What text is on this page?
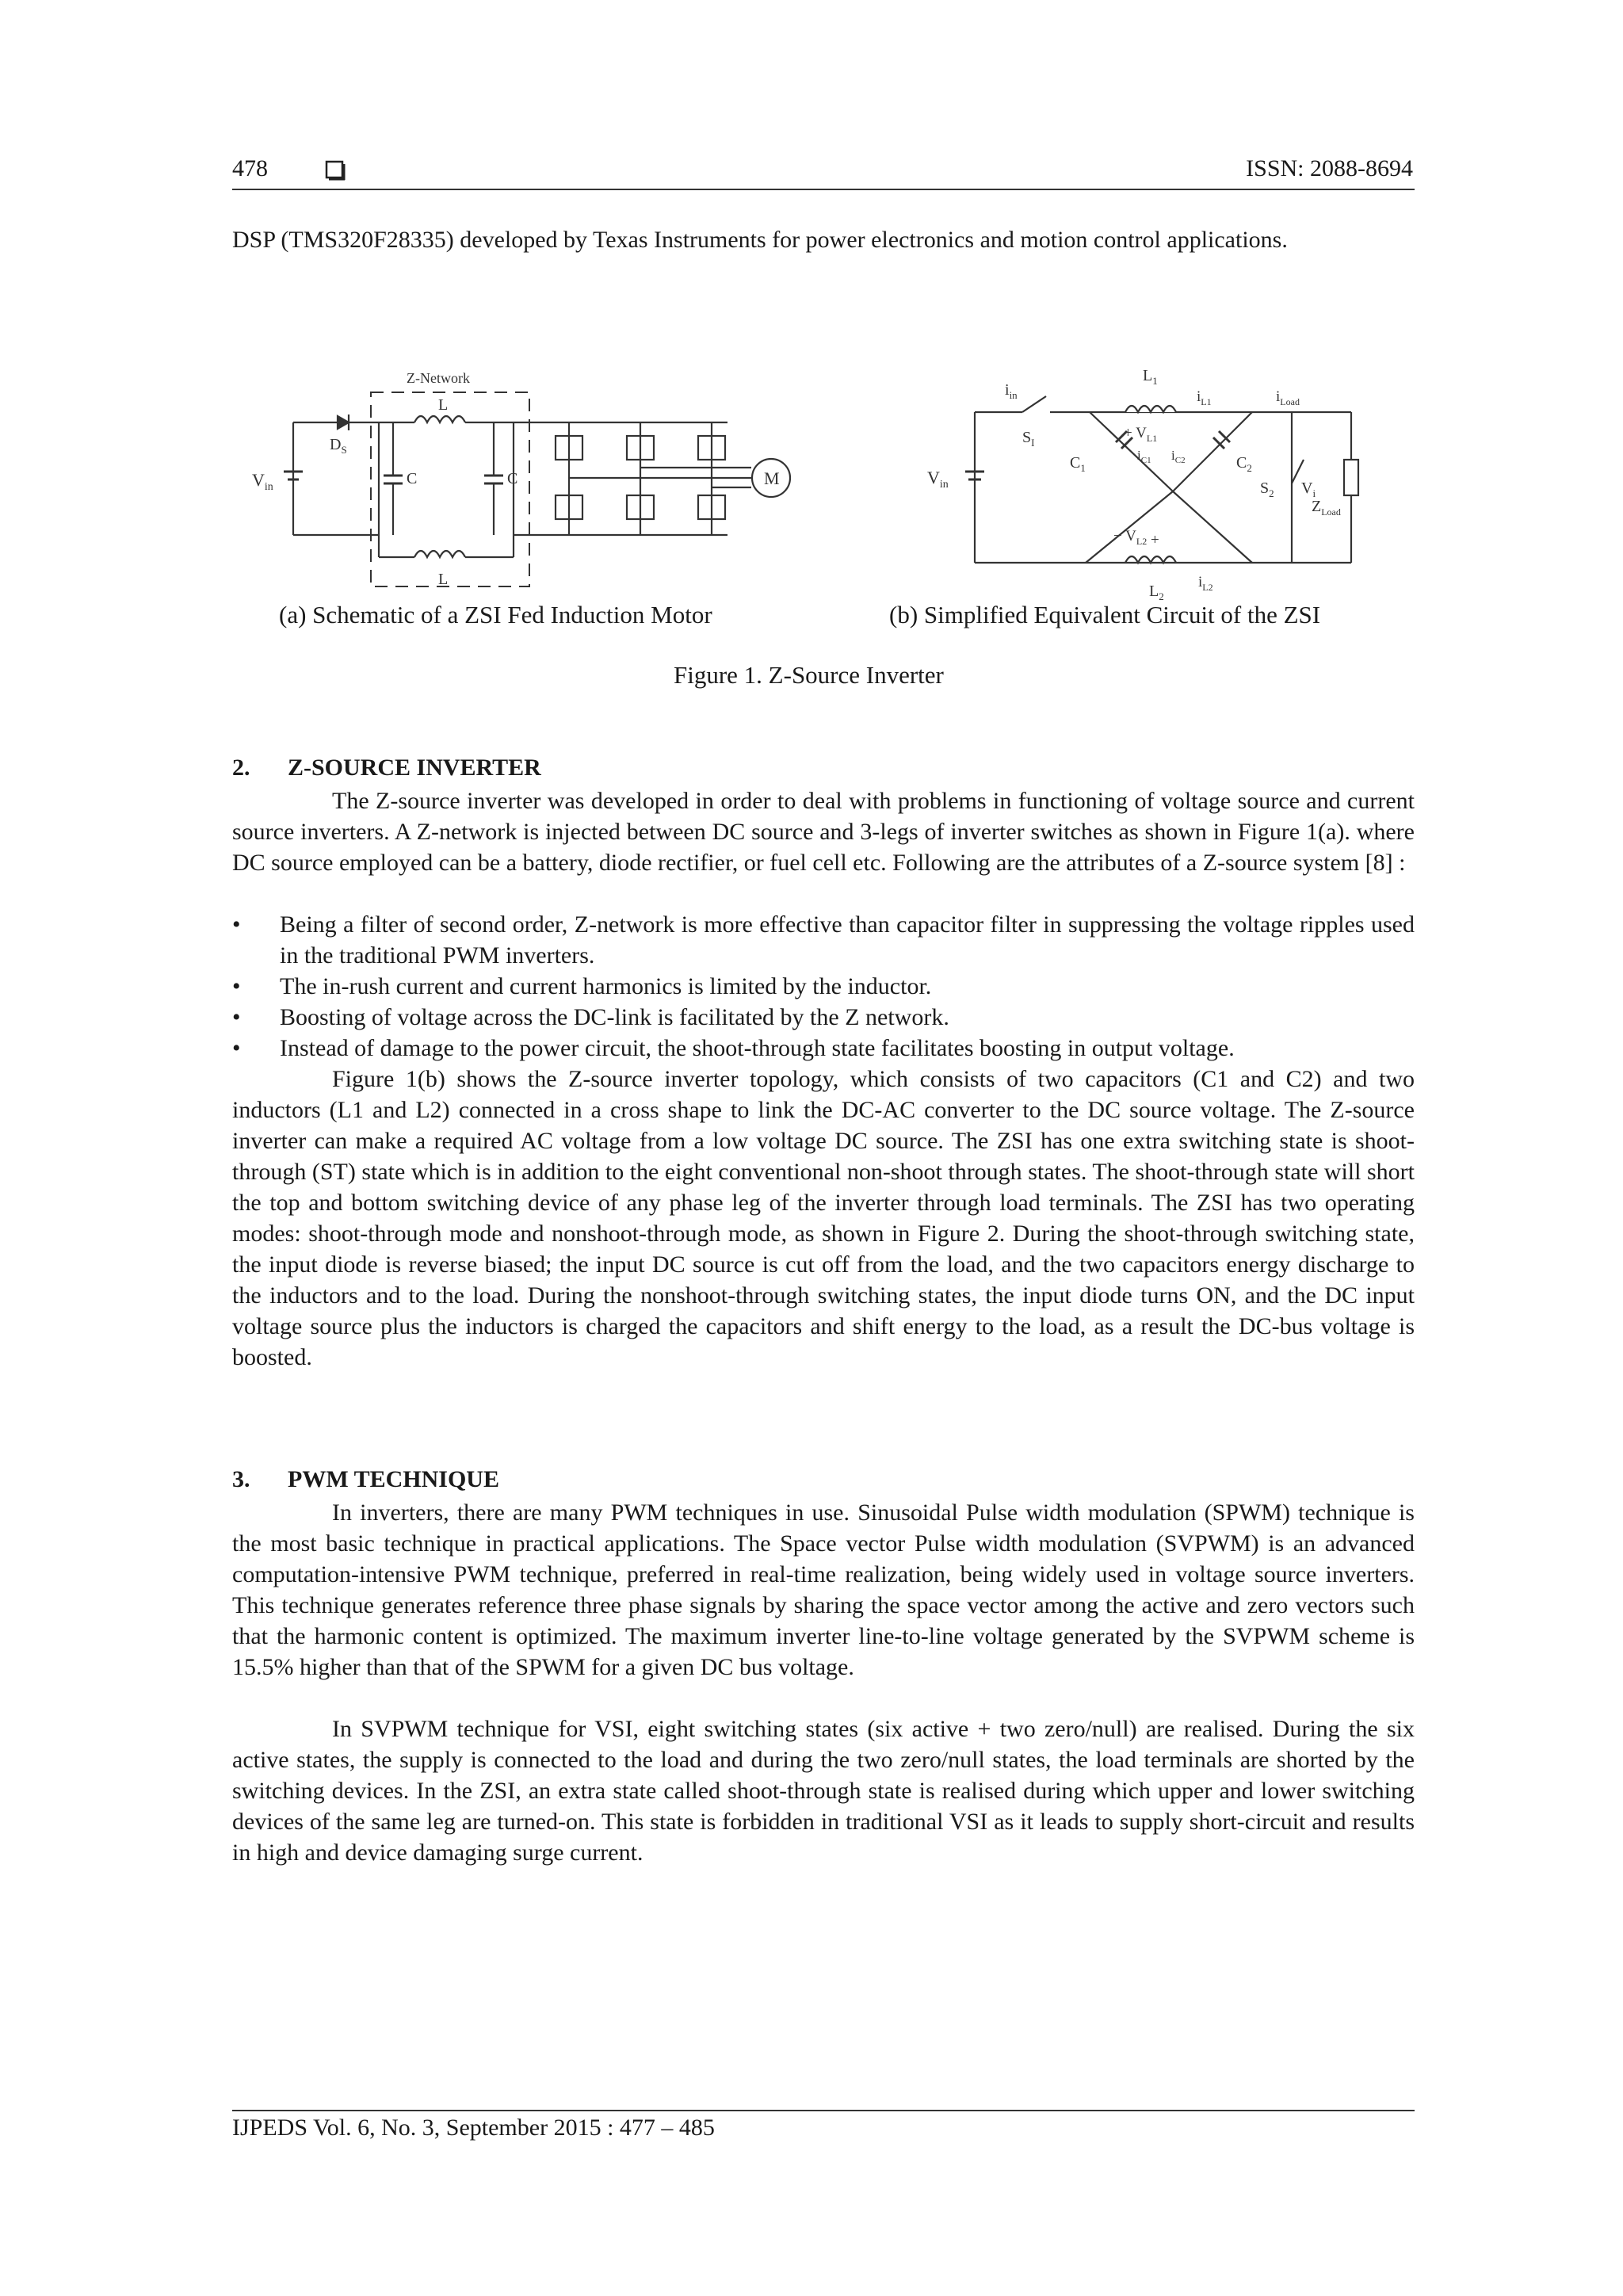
478	ISSN: 2088-8694
DSP (TMS320F28335) developed by Texas Instruments for power electronics and motion control applications.
Z-Network
$V_{in}$
$D_S$
L
L
C	C	M
(a) Schematic of a ZSI Fed Induction Motor
$V_{in}$
$i_{in}$
$S_I$
$L_1$
+ $V_{L1}$
$i_{L1}$
− $V_{L2}$ +
$i_{L2}$
$L_2$
$C_1$	$C_2$
$i_{C1}$ $i_{C2}$
$S_2$ $V_i$
$i_{Load}$
$Z_{Load}$
(b) Simplified Equivalent Circuit of the ZSI
Figure 1. Z-Source Inverter
2. Z-SOURCE INVERTER
The Z-source inverter was developed in order to deal with problems in functioning of voltage source and current source inverters. A Z-network is injected between DC source and 3-legs of inverter switches as shown in Figure 1(a). where DC source employed can be a battery, diode rectifier, or fuel cell etc. Following are the attributes of a Z-source system [8] :
• Being a filter of second order, Z-network is more effective than capacitor filter in suppressing the voltage ripples used in the traditional PWM inverters.
• The in-rush current and current harmonics is limited by the inductor.
• Boosting of voltage across the DC-link is facilitated by the Z network.
• Instead of damage to the power circuit, the shoot-through state facilitates boosting in output voltage.
Figure 1(b) shows the Z-source inverter topology, which consists of two capacitors (C1 and C2) and two inductors (L1 and L2) connected in a cross shape to link the DC-AC converter to the DC source voltage. The Z-source inverter can make a required AC voltage from a low voltage DC source. The ZSI has one extra switching state is shoot-through (ST) state which is in addition to the eight conventional non-shoot through states. The shoot-through state will short the top and bottom switching device of any phase leg of the inverter through load terminals. The ZSI has two operating modes: shoot-through mode and nonshoot-through mode, as shown in Figure 2. During the shoot-through switching state, the input diode is reverse biased; the input DC source is cut off from the load, and the two capacitors energy discharge to the inductors and to the load. During the nonshoot-through switching states, the input diode turns ON, and the DC input voltage source plus the inductors is charged the capacitors and shift energy to the load, as a result the DC-bus voltage is boosted.
3. PWM TECHNIQUE
In inverters, there are many PWM techniques in use. Sinusoidal Pulse width modulation (SPWM) technique is the most basic technique in practical applications. The Space vector Pulse width modulation (SVPWM) is an advanced computation-intensive PWM technique, preferred in real-time realization, being widely used in voltage source inverters. This technique generates reference three phase signals by sharing the space vector among the active and zero vectors such that the harmonic content is optimized. The maximum inverter line-to-line voltage generated by the SVPWM scheme is 15.5% higher than that of the SPWM for a given DC bus voltage.
In SVPWM technique for VSI, eight switching states (six active + two zero/null) are realised. During the six active states, the supply is connected to the load and during the two zero/null states, the load terminals are shorted by the switching devices. In the ZSI, an extra state called shoot-through state is realised during which upper and lower switching devices of the same leg are turned-on. This state is forbidden in traditional VSI as it leads to supply short-circuit and results in high and device damaging surge current.
IJPEDS Vol. 6, No. 3, September 2015 : 477 – 485
